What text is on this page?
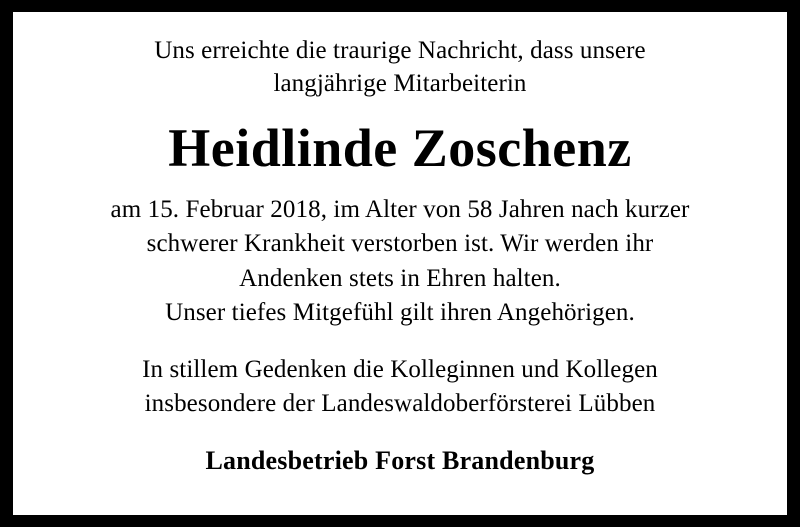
Uns erreichte die traurige Nachricht, dass unsere
langjährige Mitarbeiterin
Heidlinde Zoschenz
am 15. Februar 2018, im Alter von 58 Jahren nach kurzer
schwerer Krankheit verstorben ist. Wir werden ihr
Andenken stets in Ehren halten.
Unser tiefes Mitgefühl gilt ihren Angehörigen.
In stillem Gedenken die Kolleginnen und Kollegen
insbesondere der Landeswaldoberförsterei Lübben
Landesbetrieb Forst Brandenburg
